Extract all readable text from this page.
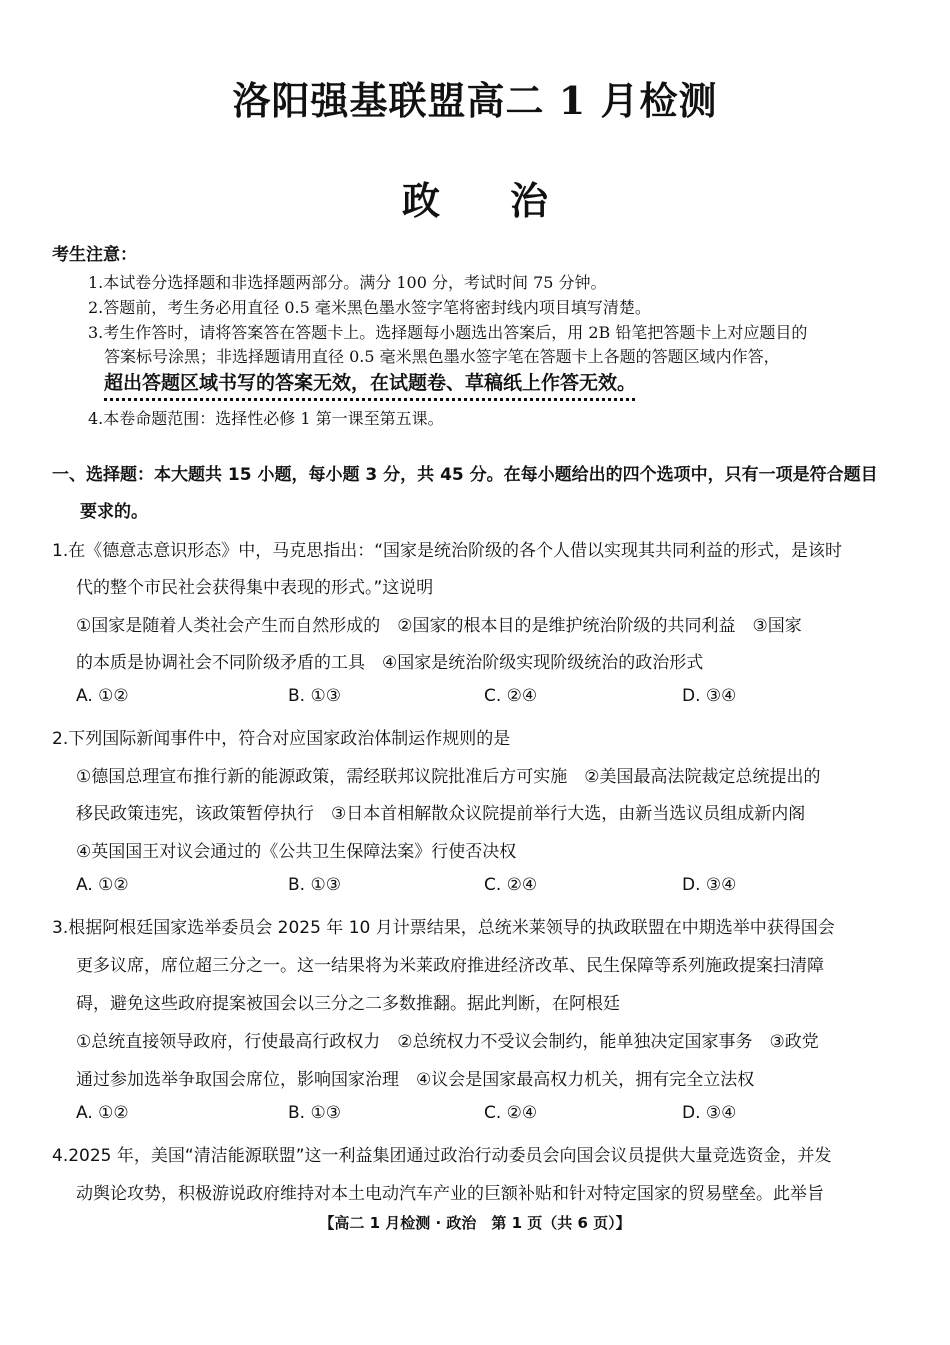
洛阳强基联盟高二 1 月检测
政 治
考生注意：
1.本试卷分选择题和非选择题两部分。满分 100 分，考试时间 75 分钟。
2.答题前，考生务必用直径 0.5 毫米黑色墨水签字笔将密封线内项目填写清楚。
3.考生作答时，请将答案答在答题卡上。选择题每小题选出答案后，用 2B 铅笔把答题卡上对应题目的
答案标号涂黑；非选择题请用直径 0.5 毫米黑色墨水签字笔在答题卡上各题的答题区域内作答，
超出答题区域书写的答案无效，在试题卷、草稿纸上作答无效。
4.本卷命题范围：选择性必修 1 第一课至第五课。
一、选择题：本大题共 15 小题，每小题 3 分，共 45 分。在每小题给出的四个选项中，只有一项是符合题目
要求的。
1.在《德意志意识形态》中，马克思指出：“国家是统治阶级的各个人借以实现其共同利益的形式，是该时
代的整个市民社会获得集中表现的形式。”这说明
①国家是随着人类社会产生而自然形成的　②国家的根本目的是维护统治阶级的共同利益　③国家
的本质是协调社会不同阶级矛盾的工具　④国家是统治阶级实现阶级统治的政治形式
A. ①②	B. ①③	C. ②④	D. ③④
2.下列国际新闻事件中，符合对应国家政治体制运作规则的是
①德国总理宣布推行新的能源政策，需经联邦议院批准后方可实施　②美国最高法院裁定总统提出的
移民政策违宪，该政策暂停执行　③日本首相解散众议院提前举行大选，由新当选议员组成新内阁
④英国国王对议会通过的《公共卫生保障法案》行使否决权
A. ①②	B. ①③	C. ②④	D. ③④
3.根据阿根廷国家选举委员会 2025 年 10 月计票结果，总统米莱领导的执政联盟在中期选举中获得国会
更多议席，席位超三分之一。这一结果将为米莱政府推进经济改革、民生保障等系列施政提案扫清障
碍，避免这些政府提案被国会以三分之二多数推翻。据此判断，在阿根廷
①总统直接领导政府，行使最高行政权力　②总统权力不受议会制约，能单独决定国家事务　③政党
通过参加选举争取国会席位，影响国家治理　④议会是国家最高权力机关，拥有完全立法权
A. ①②	B. ①③	C. ②④	D. ③④
4.2025 年，美国“清洁能源联盟”这一利益集团通过政治行动委员会向国会议员提供大量竞选资金，并发
动舆论攻势，积极游说政府维持对本土电动汽车产业的巨额补贴和针对特定国家的贸易壁垒。此举旨
【高二 1 月检测 · 政治　第 1 页（共 6 页）】
